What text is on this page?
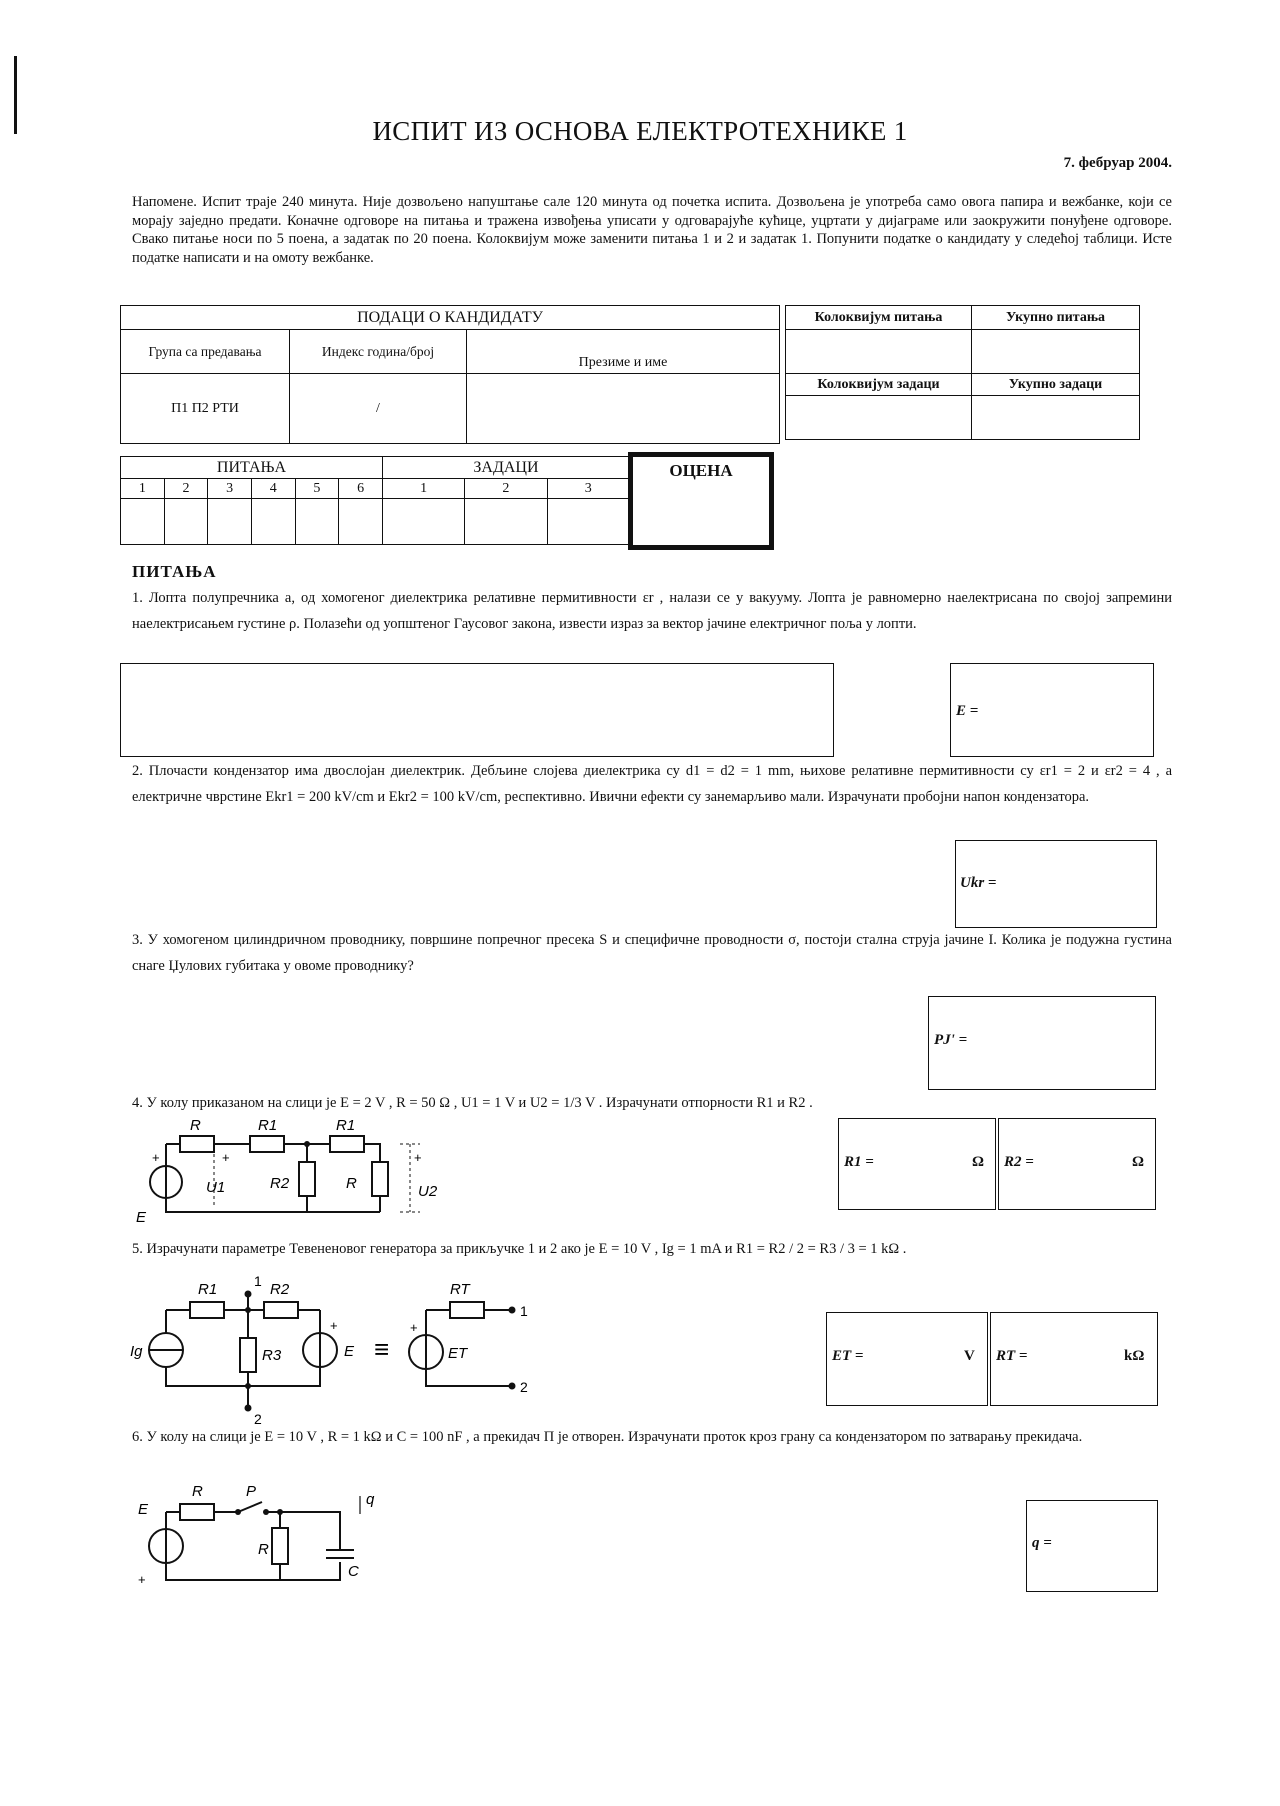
ИСПИТ ИЗ ОСНОВА ЕЛЕКТРОТЕХНИКЕ 1
7. фебруар 2004.
Напомене. Испит траје 240 минута. Није дозвољено напуштање сале 120 минута од почетка испита. Дозвољена је употреба само овога папира и вежбанке, који се морају заједно предати. Коначне одговоре на питања и тражена извођења уписати у одговарајуће кућице, уцртати у дијаграме или заокружити понуђене одговоре. Свако питање носи по 5 поена, а задатак по 20 поена. Колоквијум може заменити питања 1 и 2 и задатак 1. Попунити податке о кандидату у следећој таблици. Исте податке написати и на омоту вежбанке.
ПОДАЦИ О КАНДИДАТУ		
Група са предавања	Индекс година/број	Презиме и име
П1 П2 РТИ	/	
Колоквијум питања	Укупно питања

Колоквијум задаци	Укупно задаци

ПИТАЊА						ЗАДАЦИ		
1	2	3	4	5	6	1	2	3

ОЦЕНА
ПИТАЊА
1. Лопта полупречника a, од хомогеног диелектрика релативне пермитивности εr , налази се у вакууму. Лопта је равномерно наелектрисана по својој запремини наелектрисањем густине ρ. Полазећи од уопштеног Гаусовог закона, извести израз за вектор јачине електричног поља у лопти.
E =
2. Плочасти кондензатор има двослојан диелектрик. Дебљине слојева диелектрика су d1 = d2 = 1 mm, њихове релативне пермитивности су εr1 = 2 и εr2 = 4 , а електричне чврстине Ekr1 = 200 kV/cm и Ekr2 = 100 kV/cm, респективно. Ивични ефекти су занемарљиво мали. Израчунати пробојни напон кондензатора.
Ukr =
3. У хомогеном цилиндричном проводнику, површине попречног пресека S и специфичне проводности σ, постоји стална струја јачине I. Колика је подужна густина снаге Џулових губитака у овоме проводнику?
PJ' =
4. У колу приказаном на слици је E = 2 V , R = 50 Ω , U1 = 1 V и U2 = 1/3 V . Израчунати отпорности R1 и R2 .
R1 =	Ω R2 =	Ω
R	R1	R1
R2	R
E
+	+
U1
+
U2
5. Израчунати параметре Тевененовог генератора за прикључке 1 и 2 ако је E = 10 V , Ig = 1 mA и R1 = R2 / 2 = R3 / 3 = 1 kΩ .
ET =	V RT =	kΩ
R1	R2
R3
Ig	E
+
1
2
≡
+
RT
ET
1
2
6. У колу на слици је E = 10 V , R = 1 kΩ и C = 100 nF , а прекидач П је отворен. Израчунати проток кроз грану са кондензатором по затварању прекидача.
q =
R	P
R
C
E
+
q
